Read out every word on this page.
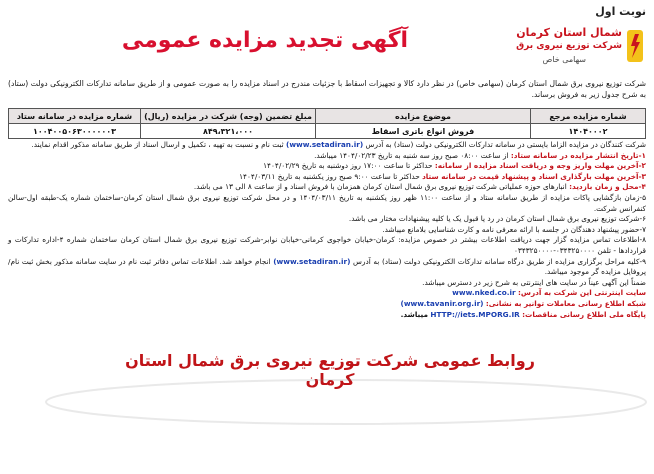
نوبت اول
آگهی تجدید مزایده عمومی	شمال استان کرمان
شرکت توزیع نیروی برق
سهامی خاص
شرکت توزیع نیروی برق شمال استان کرمان (سهامی خاص) در نظر دارد کالا و تجهیزات اسقاط با جزئیات مندرج در اسناد مزایده را به صورت عمومی و از طریق سامانه تدارکات الکترونیکی دولت (ستاد) به شرح جدول زیر به فروش برساند.
شماره مزایده مرجع	موضوع مزایده	مبلغ تضمین (وجه) شرکت در مزایده (ریال)	شماره مزایده در سامانه ستاد
۱۴۰۴۰۰۰۲	فروش انواع باتری اسقاط	۸۴۹،۳۲۱،۰۰۰	۱۰۰۴۰۰۵۰۶۳۰۰۰۰۰۰۳

شرکت کنندگان در مزایده الزاما بایستی در سامانه تدارکات الکترونیکی دولت (ستاد) به آدرس (www.setadiran.ir) ثبت نام و نسبت به تهیه ، تکمیل و ارسال اسناد از طریق سامانه مذکور اقدام نمایند.

۱-تاریخ انتشار مزایده در سامانه ستاد: از ساعت ۰۸:۰۰ صبح روز سه شنبه به تاریخ ۱۴۰۴/۰۲/۲۳ میباشد.

۲-آخرین مهلت واریز وجه و دریافت اسناد مزایده از سامانه: حداکثر تا ساعت ۱۷:۰۰ روز دوشنبه به تاریخ ۱۴۰۴/۰۲/۲۹

۳-آخرین مهلت بارگذاری اسناد و پیشنهاد قیمت در سامانه ستاد حداکثر تا ساعت ۹:۰۰ صبح روز یکشنبه به تاریخ ۱۴۰۴/۰۳/۱۱

۴-محل و زمان بازدید: انبارهای حوزه عملیاتی شرکت توزیع نیروی برق شمال استان کرمان همزمان با فروش اسناد و از ساعت ۸ الی ۱۳ می باشد.

۵-زمان بازگشایی پاکات مزایده از طریق سامانه ستاد و از ساعت ۱۱:۰۰ ظهر روز یکشنبه به تاریخ ۱۴۰۴/۰۳/۱۱ و در محل شرکت توزیع نیروی برق شمال استان کرمان-ساختمان شماره یک-طبقه اول-سالن کنفرانس شرکت.

۶-شرکت توزیع نیروی برق شمال استان کرمان در رد یا قبول یک یا کلیه پیشنهادات مختار می باشد.

۷-حضور پیشنهاد دهندگان در جلسه با ارائه معرفی نامه و کارت شناسایی بلامانع میباشد.

۸-اطلاعات تماس مزایده گزار جهت دریافت اطلاعات بیشتر در خصوص مزایده: کرمان-خیابان خواجوی کرمانی-خیابان نوابر-شرکت توزیع نیروی برق شمال استان کرمان ساختمان شماره ۴-اداره تدارکات و قراردادها - تلفن ۰۳۴۳۲۵۰۰۰۰-۰۳۴۳۲۵۰۰۰۰

۹-کلیه مراحل برگزاری مزایده از طریق درگاه سامانه تدارکات الکترونیکی دولت (ستاد) به آدرس (www.setadiran.ir) انجام خواهد شد. اطلاعات تماس دفاتر ثبت نام در سایت سامانه مذکور بخش ثبت نام/پروفایل مزایده گر موجود میباشد.

ضمناً این آگهی عیناً در سایت های اینترنتی به شرح زیر در دسترس میباشد.

سایت اینترنتی این شرکت به آدرس: www.nked.co.ir

شبکه اطلاع رسانی معاملات توانیر به نشانی: (www.tavanir.org.ir)

پایگاه ملی اطلاع رسانی مناقصات: HTTP://iets.MPORG.IR میباشد.

روابط عمومی شرکت توزیع نیروی برق شمال استان کرمان
